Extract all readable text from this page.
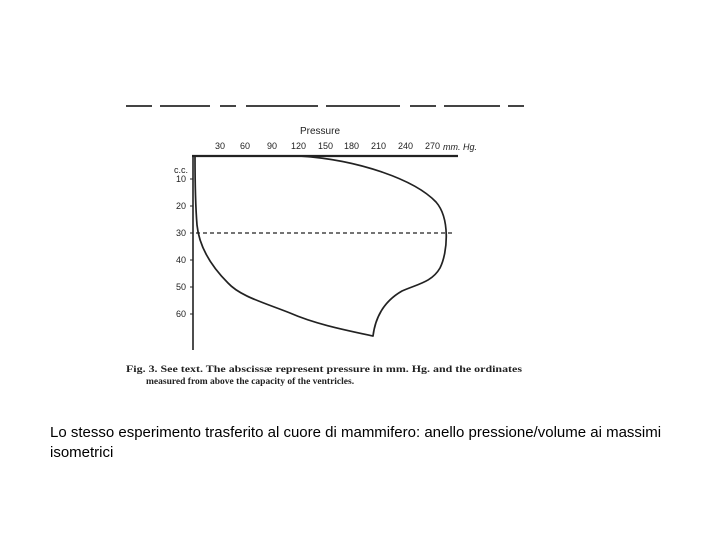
Pressure
30 60 90 120 150 180 210 240 270 mm. Hg.
c.c.
10
20
30
40
50
60
Fig. 3. See text. The abscissæ represent pressure in mm. Hg. and the ordinates
measured from above the capacity of the ventricles.
Lo stesso esperimento trasferito al cuore di mammifero: anello pressione/volume ai massimi isometrici
